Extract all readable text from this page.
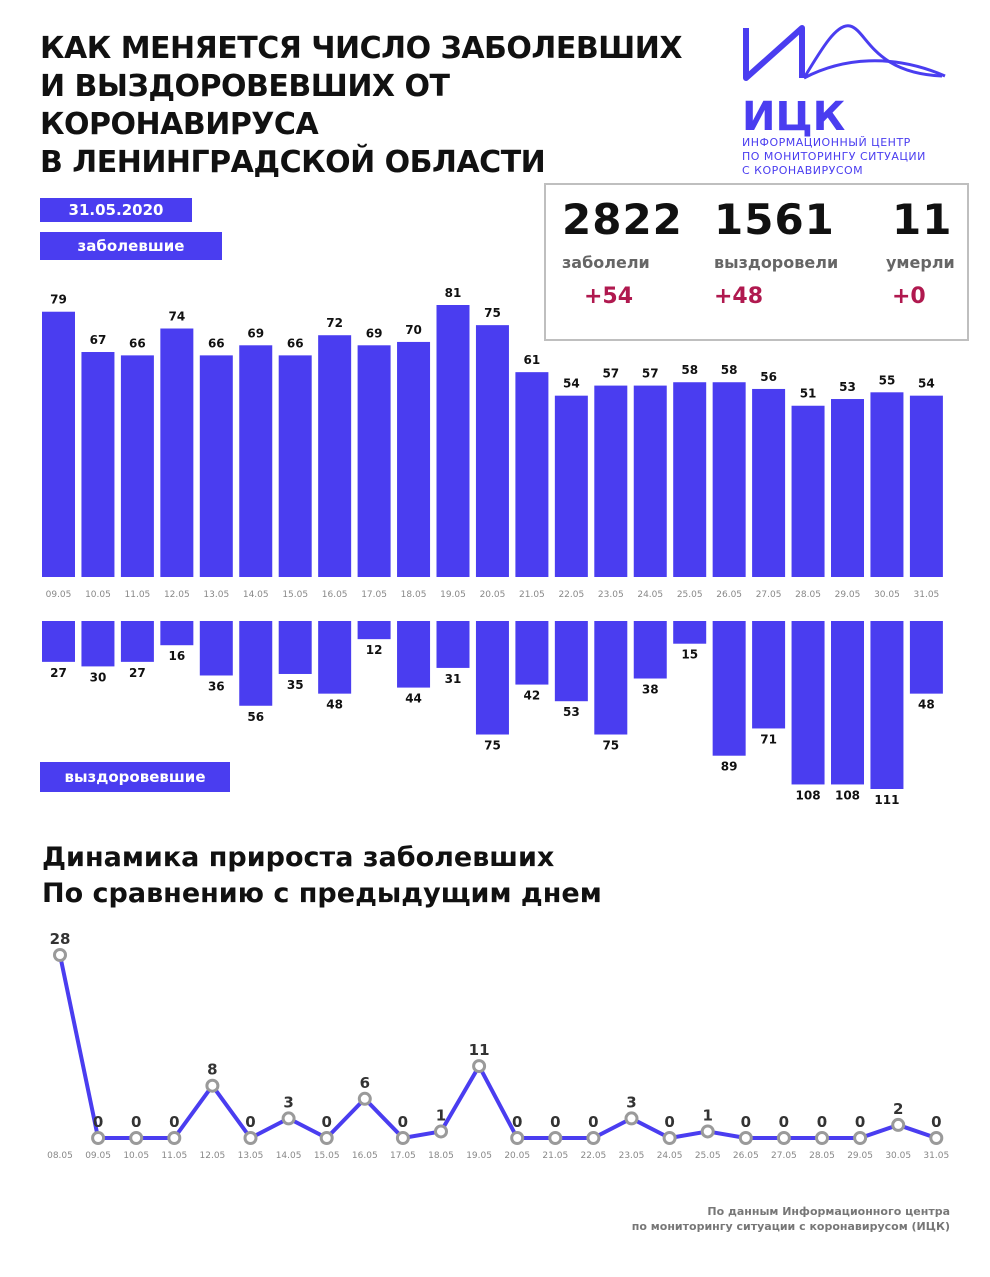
КАК МЕНЯЕТСЯ ЧИСЛО ЗАБОЛЕВШИХ
И ВЫЗДОРОВЕВШИХ ОТ
КОРОНАВИРУСА
В ЛЕНИНГРАДСКОЙ ОБЛАСТИ
31.05.2020
заболевшие
выздоровевшие
ИЦК
ИНФОРМАЦИОННЫЙ ЦЕНТР
ПО МОНИТОРИНГУ СИТУАЦИИ
С КОРОНАВИРУСОМ
2822
заболели
+54
1561
выздоровели
+48
11
умерли
+0
79
09.05
67
10.05
66
11.05
74
12.05
66
13.05
69
14.05
66
15.05
72
16.05
69
17.05
70
18.05
81
19.05
75
20.05
61
21.05
54
22.05
57
23.05
57
24.05
58
25.05
58
26.05
56
27.05
51
28.05
53
29.05
55
30.05
54
31.05
27 30 27
16
36
56
35
48
12
44
31
75
42
53
75
38
15
89
71
108 108 111
48
Динамика прироста заболевших
По сравнению с предыдущим днем
28
08.05
0
09.05
0
10.05
0
11.05
8
12.05
0
13.05
3
14.05
0
15.05
6
16.05
0
17.05
1
18.05
11
19.05
0
20.05
0
21.05
0
22.05
3
23.05
0
24.05
1
25.05
0
26.05
0
27.05
0
28.05
0
29.05
2
30.05
0
31.05
По данным Информационного центра
по мониторингу ситуации с коронавирусом (ИЦК)
